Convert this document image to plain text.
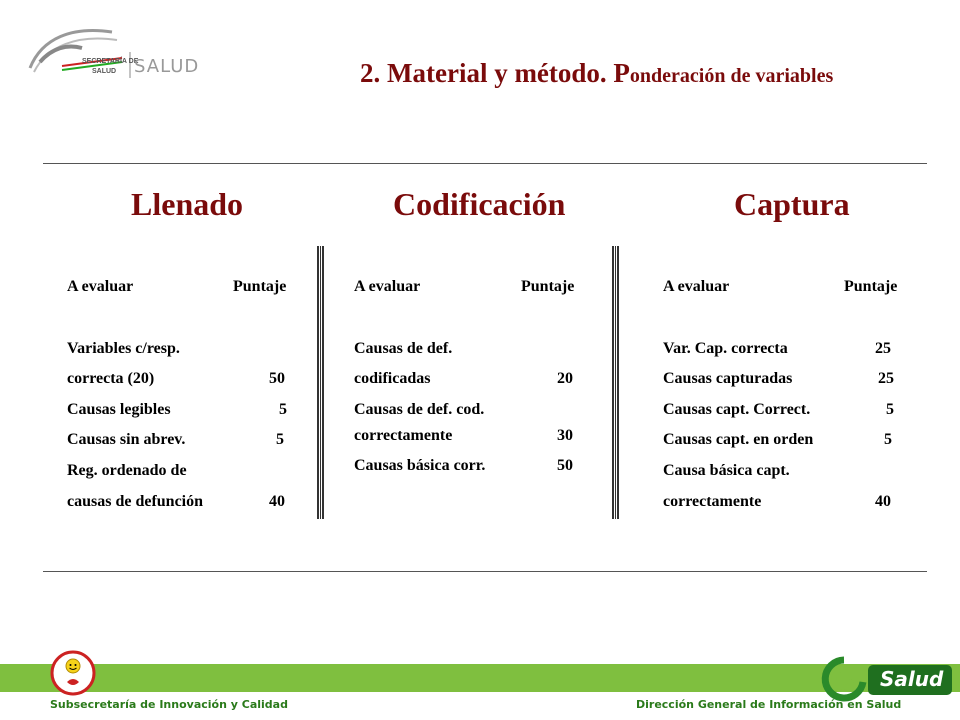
SECRETARÍA DE
SALUD SALUD	2. Material y método. Ponderación de variables
Llenado	Codificación	Captura
A evaluar	Puntaje
Variables c/resp.
correcta (20)	50
Causas legibles	5
Causas sin abrev.	5
Reg. ordenado de
causas de defunción	40
A evaluar	Puntaje
Causas de def.
codificadas	20
Causas de def. cod.
correctamente	30
Causas básica corr.	50
A evaluar	Puntaje
Var. Cap. correcta	25
Causas capturadas	25
Causas capt. Correct.	5
Causas capt. en orden	5
Causa básica capt.
correctamente	40
Subsecretaría de Innovación y Calidad	Dirección General de Información en Salud
Salud
